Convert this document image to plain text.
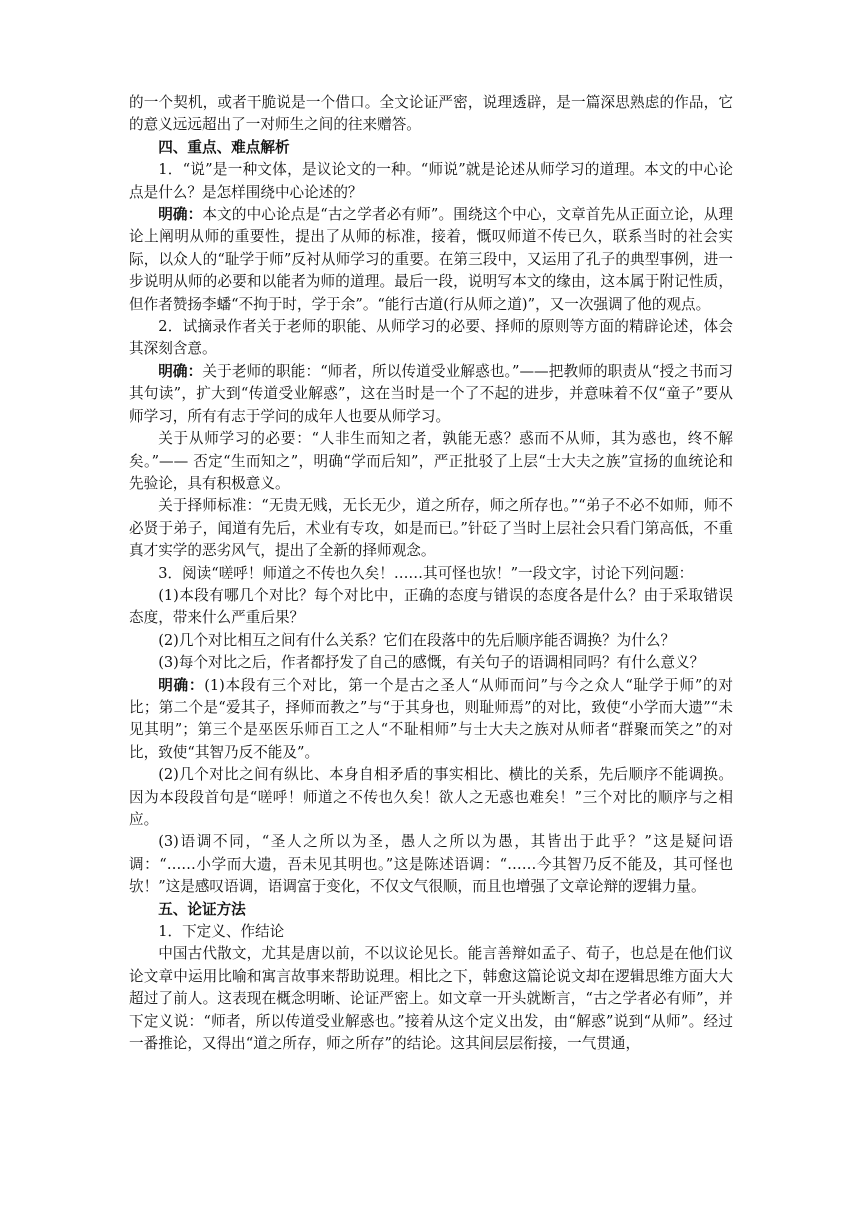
的一个契机，或者干脆说是一个借口。全文论证严密，说理透辟，是一篇深思熟虑的作品，它的意义远远超出了一对师生之间的往来赠答。

四、重点、难点解析

1．“说”是一种文体，是议论文的一种。“师说”就是论述从师学习的道理。本文的中心论点是什么？是怎样围绕中心论述的？

明确：本文的中心论点是“古之学者必有师”。围绕这个中心，文章首先从正面立论，从理论上阐明从师的重要性，提出了从师的标准，接着，慨叹师道不传已久，联系当时的社会实际，以众人的“耻学于师”反衬从师学习的重要。在第三段中，又运用了孔子的典型事例，进一步说明从师的必要和以能者为师的道理。最后一段，说明写本文的缘由，这本属于附记性质，但作者赞扬李蟠“不拘于时，学于余”。“能行古道(行从师之道)”，又一次强调了他的观点。

2．试摘录作者关于老师的职能、从师学习的必要、择师的原则等方面的精辟论述，体会其深刻含意。

明确：关于老师的职能：“师者，所以传道受业解惑也。”——把教师的职责从“授之书而习其句读”，扩大到“传道受业解惑”，这在当时是一个了不起的进步，并意味着不仅“童子”要从师学习，所有有志于学问的成年人也要从师学习。

关于从师学习的必要：“人非生而知之者，孰能无惑？惑而不从师，其为惑也，终不解矣。”—— 否定“生而知之”，明确“学而后知”，严正批驳了上层“士大夫之族”宣扬的血统论和先验论，具有积极意义。

关于择师标准：“无贵无贱，无长无少，道之所存，师之所存也。”“弟子不必不如师，师不必贤于弟子，闻道有先后，术业有专攻，如是而已。”针砭了当时上层社会只看门第高低，不重真才实学的恶劣风气，提出了全新的择师观念。

3．阅读“嗟呼！师道之不传也久矣！……其可怪也欤！”一段文字，讨论下列问题：

(1)本段有哪几个对比？每个对比中，正确的态度与错误的态度各是什么？由于采取错误态度，带来什么严重后果？

(2)几个对比相互之间有什么关系？它们在段落中的先后顺序能否调换？为什么？

(3)每个对比之后，作者都抒发了自己的感慨，有关句子的语调相同吗？有什么意义？

明确：(1)本段有三个对比，第一个是古之圣人“从师而问”与今之众人“耻学于师”的对比；第二个是“爱其子，择师而教之”与“于其身也，则耻师焉”的对比，致使“小学而大遗”“未见其明”；第三个是巫医乐师百工之人“不耻相师”与士大夫之族对从师者“群聚而笑之”的对比，致使“其智乃反不能及”。

(2)几个对比之间有纵比、本身自相矛盾的事实相比、横比的关系，先后顺序不能调换。因为本段段首句是“嗟呼！师道之不传也久矣！欲人之无惑也难矣！”三个对比的顺序与之相应。

(3)语调不同，“圣人之所以为圣，愚人之所以为愚，其皆出于此乎？”这是疑问语调：“……小学而大遗，吾未见其明也。”这是陈述语调：“……今其智乃反不能及，其可怪也欤！”这是感叹语调，语调富于变化，不仅文气很顺，而且也增强了文章论辩的逻辑力量。

五、论证方法

1．下定义、作结论

中国古代散文，尤其是唐以前，不以议论见长。能言善辩如孟子、荀子，也总是在他们议论文章中运用比喻和寓言故事来帮助说理。相比之下，韩愈这篇论说文却在逻辑思维方面大大超过了前人。这表现在概念明晰、论证严密上。如文章一开头就断言，“古之学者必有师”，并下定义说：“师者，所以传道受业解惑也。”接着从这个定义出发，由“解惑”说到“从师”。经过一番推论，又得出“道之所存，师之所存”的结论。这其间层层衔接，一气贯通，
